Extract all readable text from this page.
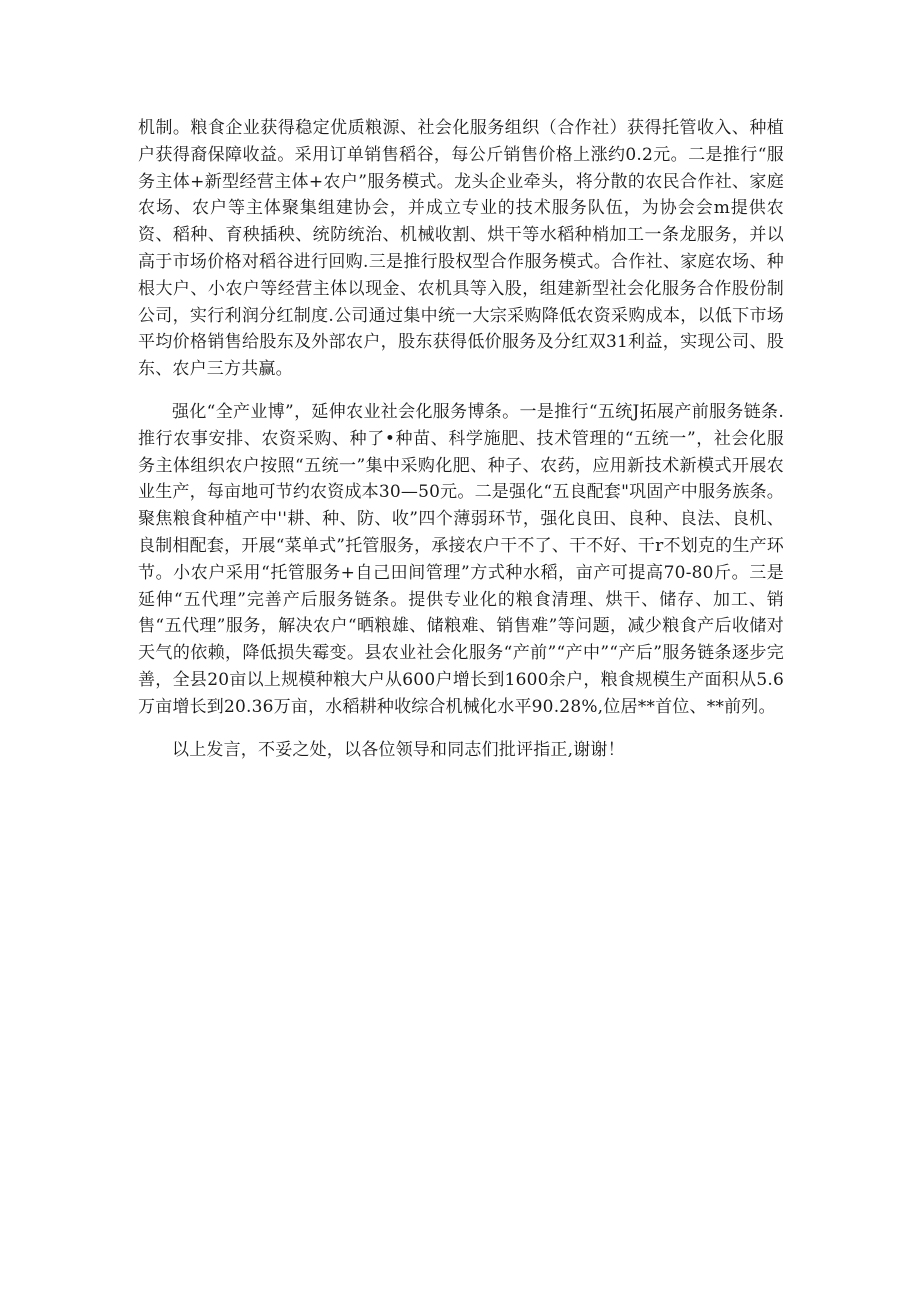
机制。粮食企业获得稳定优质粮源、社会化服务组织（合作社）获得托管收入、种植户获得裔保障收益。采用订单销售稻谷，每公斤销售价格上涨约0.2元。二是推行“服务主体+新型经营主体+农户”服务模式。龙头企业牵头，将分散的农民合作社、家庭农场、农户等主体聚集组建协会，并成立专业的技术服务队伍，为协会会m提供农资、稻种、育秧插秧、统防统治、机械收割、烘干等水稻种梢加工一条龙服务，并以高于市场价格对稻谷进行回购.三是推行股权型合作服务模式。合作社、家庭农场、种根大户、小农户等经营主体以现金、农机具等入股，组建新型社会化服务合作股份制公司，实行利润分红制度.公司通过集中统一大宗采购降低农资采购成本，以低下市场平均价格销售给股东及外部农户，股东获得低价服务及分红双31利益，实现公司、股东、农户三方共赢。

强化“全产业博”，延伸农业社会化服务博条。一是推行“五统J拓展产前服务链条.推行农事安排、农资采购、种了•种苗、科学施肥、技术管理的“五统一”，社会化服务主体组织农户按照“五统一”集中采购化肥、种子、农药，应用新技术新模式开展农业生产，每亩地可节约农资成本30—50元。二是强化“五良配套"巩固产中服务族条。聚焦粮食种植产中''耕、种、防、收”四个薄弱环节，强化良田、良种、良法、良机、良制相配套，开展“菜单式”托管服务，承接农户干不了、干不好、干r不划克的生产环节。小农户采用“托管服务+自己田间管理”方式种水稻，亩产可提高70-80斤。三是延伸“五代理”完善产后服务链条。提供专业化的粮食清理、烘干、储存、加工、销售“五代理”服务，解决农户“晒粮雄、储粮难、销售难”等问题，减少粮食产后收储对天气的依赖，降低损失霉变。县农业社会化服务“产前”“产中”“产后”服务链条逐步完善，全县20亩以上规模种粮大户从600户增长到1600余户，粮食规模生产面积从5.6万亩增长到20.36万亩，水稻耕种收综合机械化水平90.28%,位居**首位、**前列。

以上发言，不妥之处，以各位领导和同志们批评指正,谢谢！
